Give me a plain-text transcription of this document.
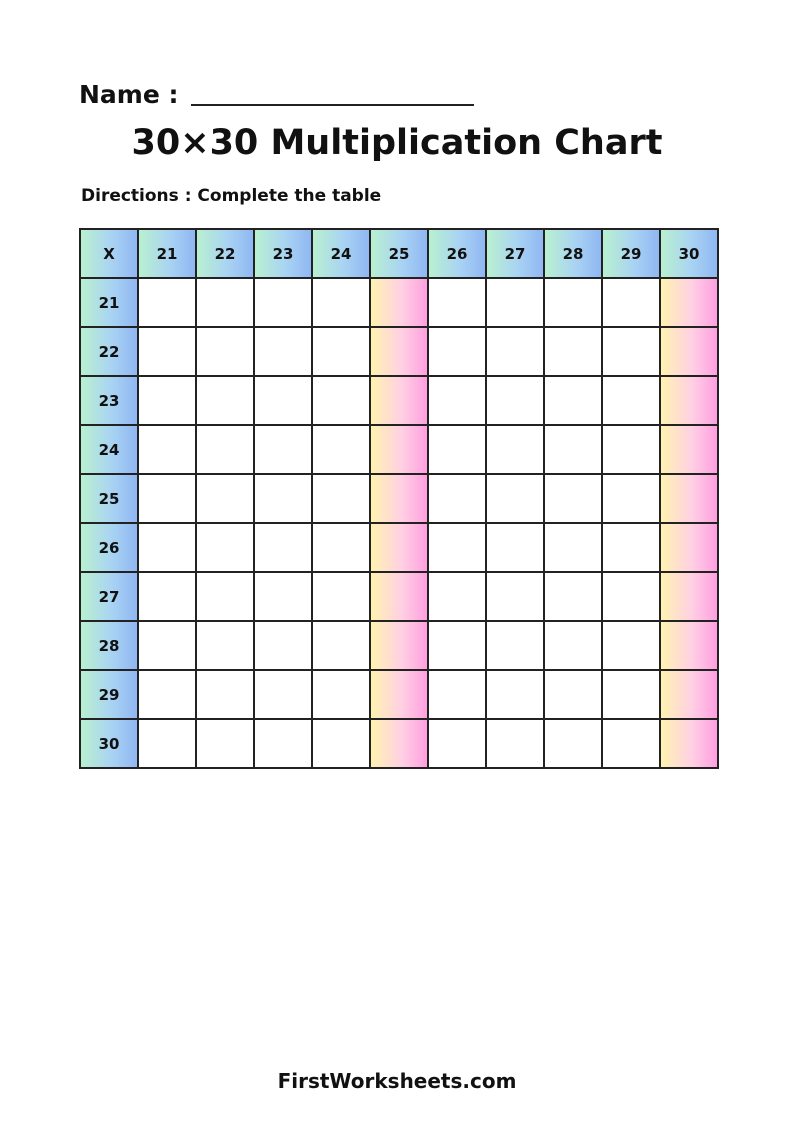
Name :
30×30 Multiplication Chart
Directions : Complete the table
X	21	22	23	24	25	26	27	28	29	30
21										
22										
23										
24										
25										
26										
27										
28										
29										
30										
FirstWorksheets.com
